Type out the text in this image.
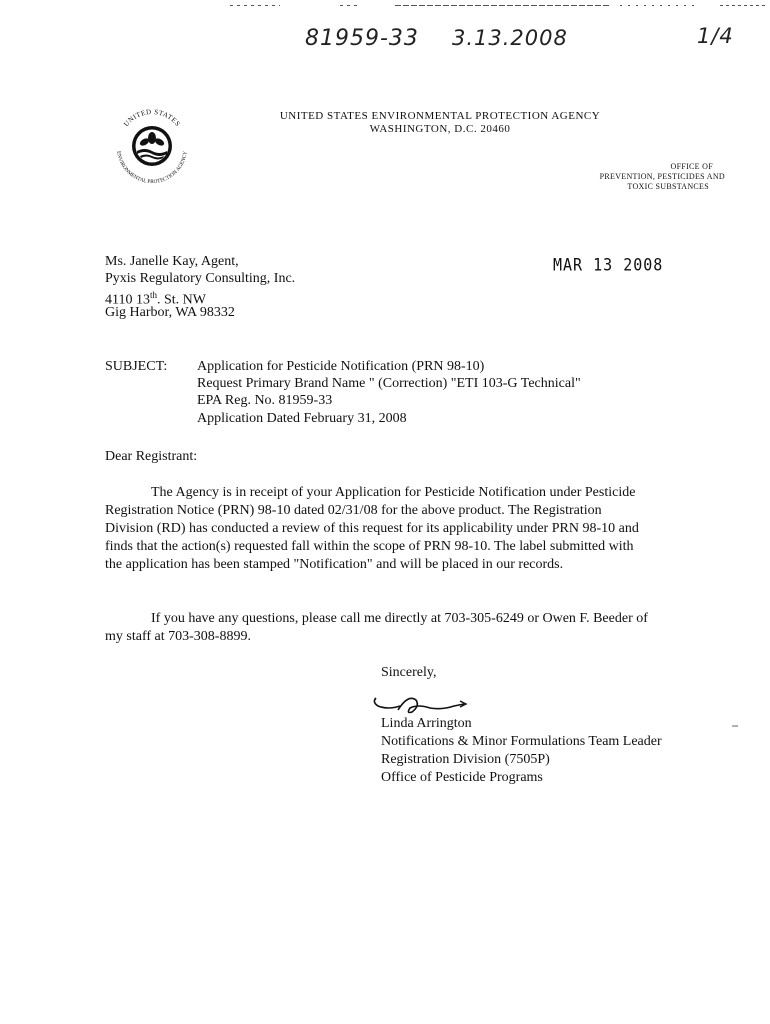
81959-33 3.13.2008	1/4
UNITED STATES
ENVIRONMENTAL PROTECTION AGENCY
UNITED STATES ENVIRONMENTAL PROTECTION AGENCY
WASHINGTON, D.C. 20460
OFFICE OF
PREVENTION, PESTICIDES AND
TOXIC SUBSTANCES
MAR 13 2008
Ms. Janelle Kay, Agent,
Pyxis Regulatory Consulting, Inc.
4110 13th. St. NW
Gig Harbor, WA 98332
SUBJECT: Application for Pesticide Notification (PRN 98-10)
Request Primary Brand Name " (Correction) "ETI 103-G Technical"
EPA Reg. No. 81959-33
Application Dated February 31, 2008
Dear Registrant:
The Agency is in receipt of your Application for Pesticide Notification under Pesticide
Registration Notice (PRN) 98-10 dated 02/31/08 for the above product. The Registration
Division (RD) has conducted a review of this request for its applicability under PRN 98-10 and
finds that the action(s) requested fall within the scope of PRN 98-10. The label submitted with
the application has been stamped "Notification" and will be placed in our records.
If you have any questions, please call me directly at 703-305-6249 or Owen F. Beeder of
my staff at 703-308-8899.
Sincerely,
Linda Arrington
Notifications & Minor Formulations Team Leader
Registration Division (7505P)
Office of Pesticide Programs
